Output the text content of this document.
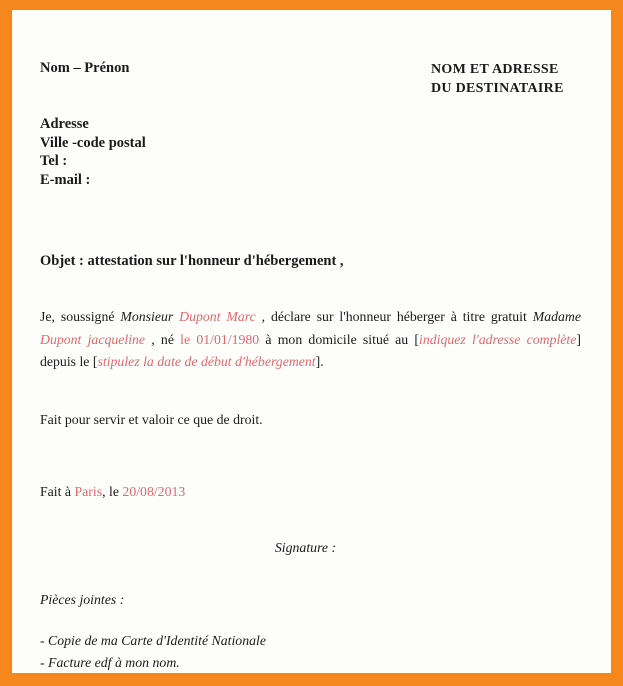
Nom – Prénon	NOM ET ADRESSE
DU DESTINATAIRE
Adresse
Ville -code postal
Tel :
E-mail :
Objet : attestation sur l'honneur d'hébergement ,
Je, soussigné Monsieur Dupont Marc , déclare sur l'honneur héberger à titre gratuit Madame Dupont jacqueline , né le 01/01/1980 à mon domicile situé au [indiquez l'adresse complète] depuis le [stipulez la date de début d'hébergement].
Fait pour servir et valoir ce que de droit.
Fait à Paris, le 20/08/2013
Signature :
Pièces jointes :
- Copie de ma Carte d'Identité Nationale
- Facture edf à mon nom.
